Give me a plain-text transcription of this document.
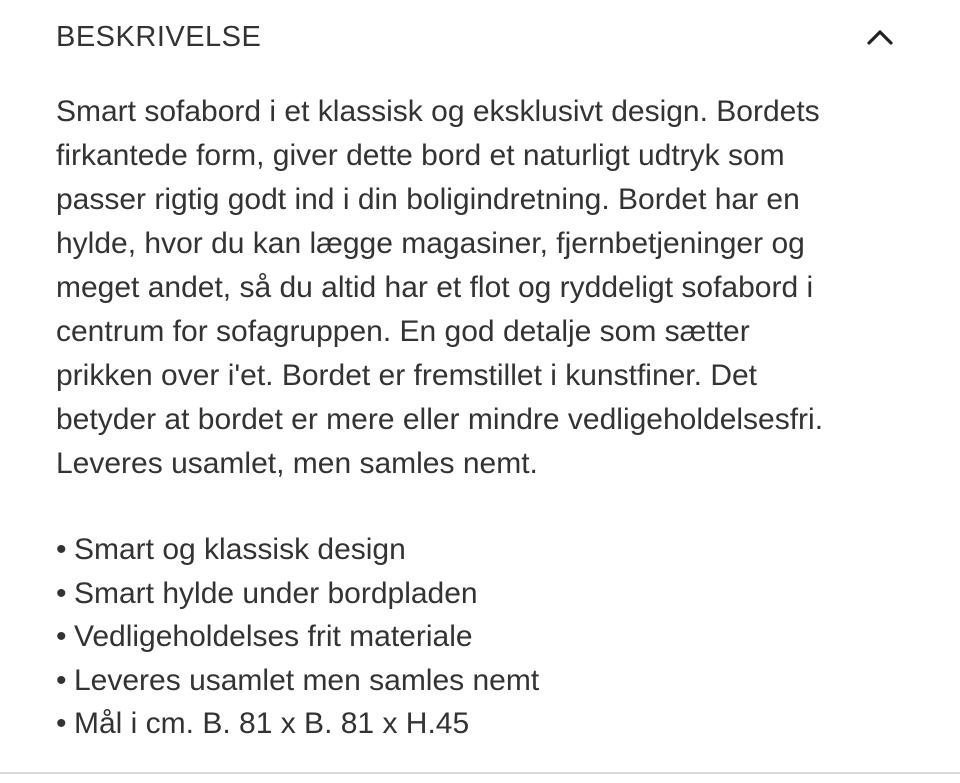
BESKRIVELSE

Smart sofabord i et klassisk og eksklusivt design. Bordets
firkantede form, giver dette bord et naturligt udtryk som
passer rigtig godt ind i din boligindretning. Bordet har en
hylde, hvor du kan lægge magasiner, fjernbetjeninger og
meget andet, så du altid har et flot og ryddeligt sofabord i
centrum for sofagruppen. En god detalje som sætter
prikken over i'et. Bordet er fremstillet i kunstfiner. Det
betyder at bordet er mere eller mindre vedligeholdelsesfri.
Leveres usamlet, men samles nemt.

• Smart og klassisk design
• Smart hylde under bordpladen
• Vedligeholdelses frit materiale
• Leveres usamlet men samles nemt
• Mål i cm. B. 81 x B. 81 x H.45
